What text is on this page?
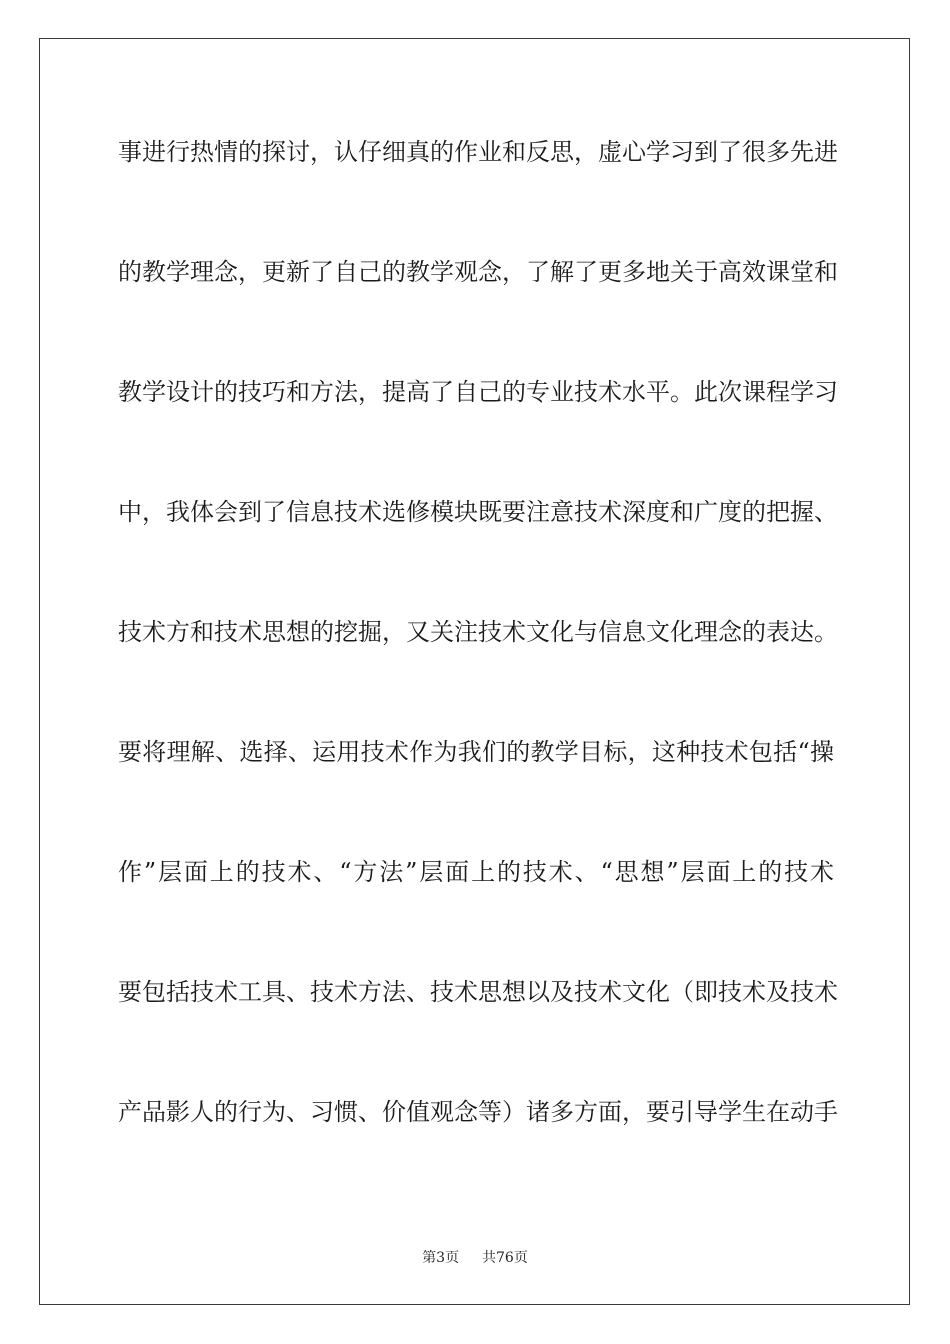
事进行热情的探讨，认仔细真的作业和反思，虚心学习到了很多先进
的教学理念，更新了自己的教学观念，了解了更多地关于高效课堂和
教学设计的技巧和方法，提高了自己的专业技术水平。此次课程学习
中，我体会到了信息技术选修模块既要注意技术深度和广度的把握、
技术方和技术思想的挖掘，又关注技术文化与信息文化理念的表达。
要将理解、选择、运用技术作为我们的教学目标，这种技术包括“操
作”层面上的技术、“方法”层面上的技术、“思想”层面上的技术
要包括技术工具、技术方法、技术思想以及技术文化（即技术及技术
产品影人的行为、习惯、价值观念等）诸多方面，要引导学生在动手
第3页 共76页
